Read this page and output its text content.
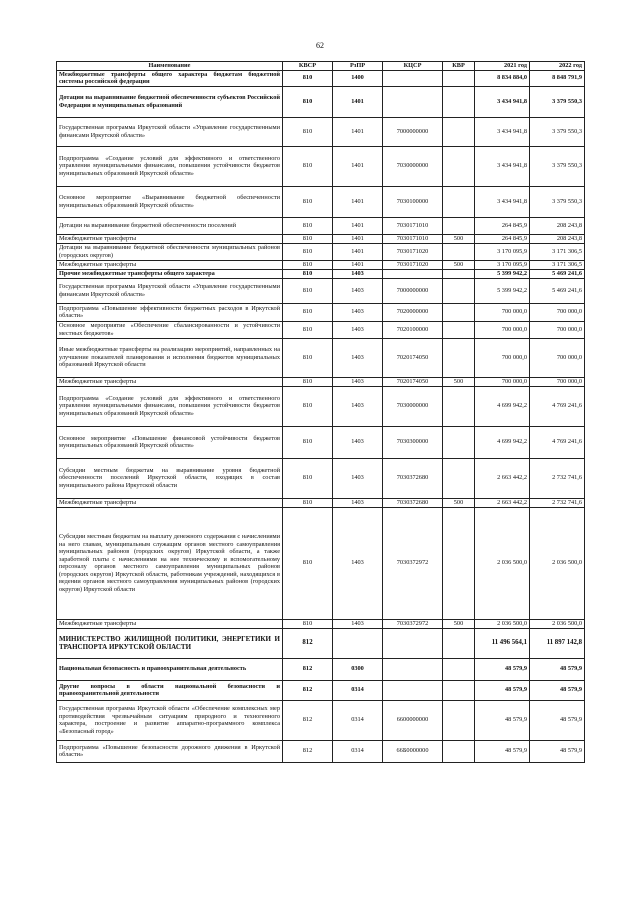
62
Наименование	КВСР	РзПР	КЦСР	КВР	2021 год	2022 год
Межбюджетные трансферты общего характера бюджетам бюджетной системы российской федерации	810	1400			8 834 884,0	8 848 791,9
Дотации на выравнивание бюджетной обеспеченности субъектов Российской Федерации и муниципальных образований	810	1401			3 434 941,8	3 379 550,3
Государственная программа Иркутской области «Управление государственными финансами Иркутской области»	810	1401	7000000000		3 434 941,8	3 379 550,3
Подпрограмма «Создание условий для эффективного и ответственного управления муниципальными финансами, повышения устойчивости бюджетов муниципальных образований Иркутской области»	810	1401	7030000000		3 434 941,8	3 379 550,3
Основное мероприятие «Выравнивание бюджетной обеспеченности муниципальных образований Иркутской области»	810	1401	7030100000		3 434 941,8	3 379 550,3
Дотации на выравнивание бюджетной обеспеченности поселений	810	1401	7030171010		264 845,9	208 243,8
Межбюджетные трансферты	810	1401	7030171010	500	264 845,9	208 243,8
Дотации на выравнивание бюджетной обеспеченности муниципальных районов (городских округов)	810	1401	7030171020		3 170 095,9	3 171 306,5
Межбюджетные трансферты	810	1401	7030171020	500	3 170 095,9	3 171 306,5
Прочие межбюджетные трансферты общего характера	810	1403			5 399 942,2	5 469 241,6
Государственная программа Иркутской области «Управление государственными финансами Иркутской области»	810	1403	7000000000		5 399 942,2	5 469 241,6
Подпрограмма «Повышение эффективности бюджетных расходов в Иркутской области»	810	1403	7020000000		700 000,0	700 000,0
Основное мероприятие «Обеспечение сбалансированности и устойчивости местных бюджетов»	810	1403	7020100000		700 000,0	700 000,0
Иные межбюджетные трансферты на реализацию мероприятий, направленных на улучшение показателей планирования и исполнения бюджетов муниципальных образований Иркутской области	810	1403	7020174050		700 000,0	700 000,0
Межбюджетные трансферты	810	1403	7020174050	500	700 000,0	700 000,0
Подпрограмма «Создание условий для эффективного и ответственного управления муниципальными финансами, повышения устойчивости бюджетов муниципальных образований Иркутской области»	810	1403	7030000000		4 699 942,2	4 769 241,6
Основное мероприятие «Повышение финансовой устойчивости бюджетов муниципальных образований Иркутской области»	810	1403	7030300000		4 699 942,2	4 769 241,6
Субсидии местным бюджетам на выравнивание уровня бюджетной обеспеченности поселений Иркутской области, входящих в состав муниципального района Иркутской области	810	1403	7030372680		2 663 442,2	2 732 741,6
Межбюджетные трансферты	810	1403	7030372680	500	2 663 442,2	2 732 741,6
Субсидии местным бюджетам на выплату денежного содержания с начислениями на него главам, муниципальным служащим органов местного самоуправления муниципальных районов (городских округов) Иркутской области, а также заработной платы с начислениями на нее техническому и вспомогательному персоналу органов местного самоуправления муниципальных районов (городских округов) Иркутской области, работникам учреждений, находящихся в ведении органов местного самоуправления муниципальных районов (городских округов) Иркутской области	810	1403	7030372972		2 036 500,0	2 036 500,0
Межбюджетные трансферты	810	1403	7030372972	500	2 036 500,0	2 036 500,0
МИНИСТЕРСТВО ЖИЛИЩНОЙ ПОЛИТИКИ, ЭНЕРГЕТИКИ И ТРАНСПОРТА ИРКУТСКОЙ ОБЛАСТИ	812				11 496 564,1	11 897 142,8
Национальная безопасность и правоохранительная деятельность	812	0300			48 579,9	48 579,9
Другие вопросы в области национальной безопасности и правоохранительной деятельности	812	0314			48 579,9	48 579,9
Государственная программа Иркутской области «Обеспечение комплексных мер противодействия чрезвычайным ситуациям природного и техногенного характера, построение и развитие аппаратно-программного комплекса «Безопасный город»	812	0314	6600000000		48 579,9	48 579,9
Подпрограмма «Повышение безопасности дорожного движения в Иркутской области»	812	0314	66Б0000000		48 579,9	48 579,9
